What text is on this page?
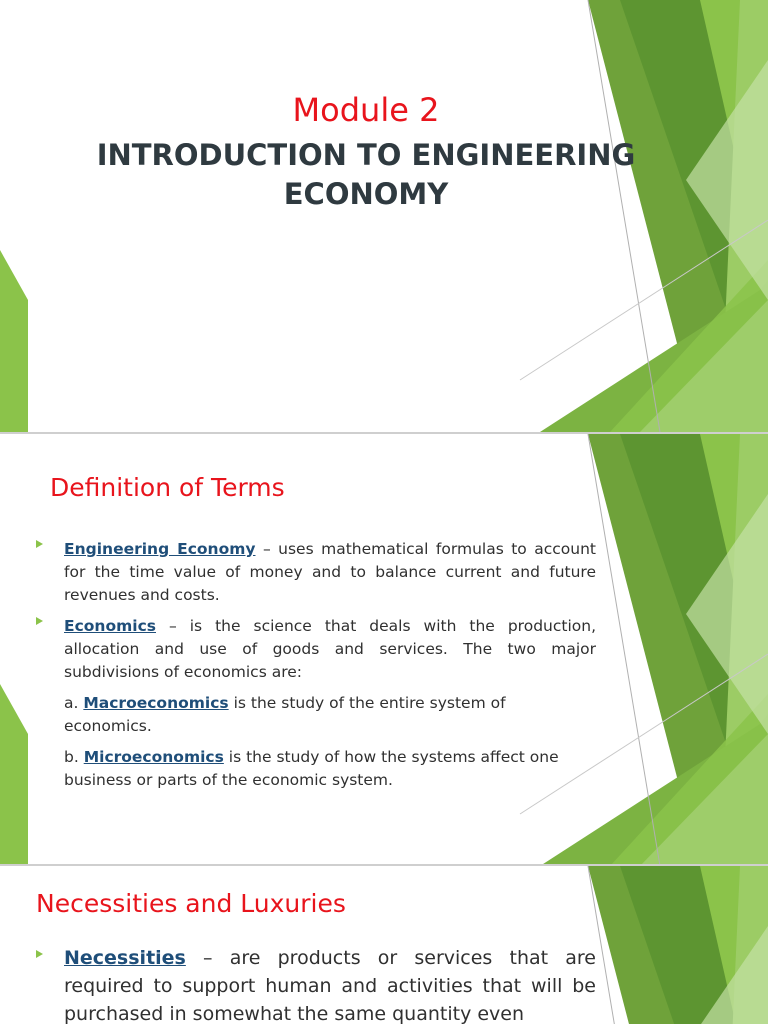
Module 2
INTRODUCTION TO ENGINEERING
ECONOMY
Definition of Terms
Engineering Economy – uses mathematical formulas to account for the time value of money and to balance current and future revenues and costs.
Economics – is the science that deals with the production, allocation and use of goods and services. The two major subdivisions of economics are:
a. Macroeconomics is the study of the entire system of economics.
b. Microeconomics is the study of how the systems affect one business or parts of the economic system.
Necessities and Luxuries
Necessities – are products or services that are required to support human and activities that will be purchased in somewhat the same quantity even
